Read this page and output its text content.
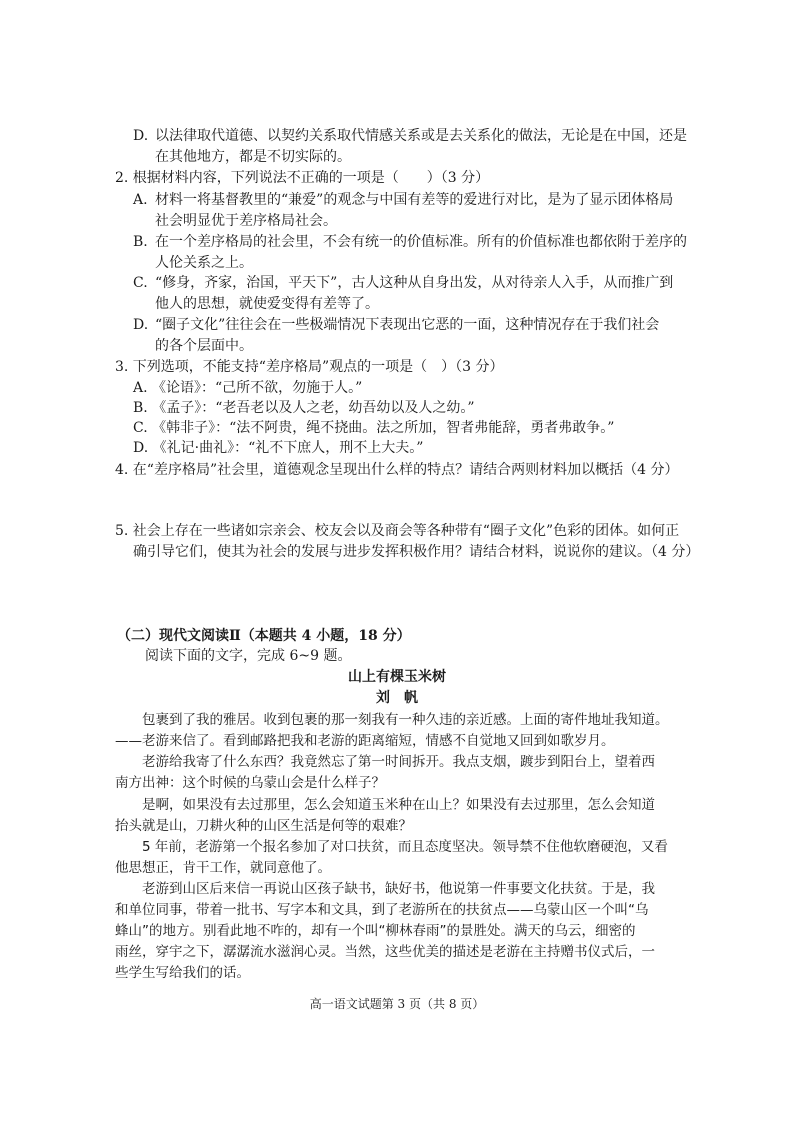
D. 以法律取代道德、以契约关系取代情感关系或是去关系化的做法，无论是在中国，还是
在其他地方，都是不切实际的。
2. 根据材料内容，下列说法不正确的一项是（　　）（3 分）
A. 材料一将基督教里的“兼爱”的观念与中国有差等的爱进行对比，是为了显示团体格局
社会明显优于差序格局社会。
B. 在一个差序格局的社会里，不会有统一的价值标准。所有的价值标准也都依附于差序的
人伦关系之上。
C. “修身，齐家，治国，平天下”，古人这种从自身出发，从对待亲人入手，从而推广到
他人的思想，就使爱变得有差等了。
D. “圈子文化”往往会在一些极端情况下表现出它恶的一面，这种情况存在于我们社会
的各个层面中。
3. 下列选项，不能支持“差序格局”观点的一项是（　）（3 分）
A. 《论语》：“己所不欲，勿施于人。”
B. 《孟子》：“老吾老以及人之老，幼吾幼以及人之幼。”
C. 《韩非子》：“法不阿贵，绳不挠曲。法之所加，智者弗能辞，勇者弗敢争。”
D. 《礼记·曲礼》：“礼不下庶人，刑不上大夫。”
4. 在“差序格局”社会里，道德观念呈现出什么样的特点？请结合两则材料加以概括（4 分）
5. 社会上存在一些诸如宗亲会、校友会以及商会等各种带有“圈子文化”色彩的团体。如何正
确引导它们，使其为社会的发展与进步发挥积极作用？请结合材料，说说你的建议。（4 分）
（二）现代文阅读Ⅱ（本题共 4 小题，18 分）
阅读下面的文字，完成 6~9 题。
山上有棵玉米树
刘　帆
　　包裹到了我的雅居。收到包裹的那一刻我有一种久违的亲近感。上面的寄件地址我知道。
——老游来信了。看到邮路把我和老游的距离缩短，情感不自觉地又回到如歌岁月。
　　老游给我寄了什么东西？我竟然忘了第一时间拆开。我点支烟，踱步到阳台上，望着西
南方出神：这个时候的乌蒙山会是什么样子？
　　是啊，如果没有去过那里，怎么会知道玉米种在山上？如果没有去过那里，怎么会知道
抬头就是山，刀耕火种的山区生活是何等的艰难？
　　5 年前，老游第一个报名参加了对口扶贫，而且态度坚决。领导禁不住他软磨硬泡，又看
他思想正，肯干工作，就同意他了。
　　老游到山区后来信一再说山区孩子缺书，缺好书，他说第一件事要文化扶贫。于是，我
和单位同事，带着一批书、写字本和文具，到了老游所在的扶贫点——乌蒙山区一个叫“乌
蜂山”的地方。别看此地不咋的，却有一个叫“柳林春雨”的景胜处。满天的乌云，细密的
雨丝，穿宇之下，潺潺流水滋润心灵。当然，这些优美的描述是老游在主持赠书仪式后，一
些学生写给我们的话。
高一语文试题第 3 页（共 8 页）
